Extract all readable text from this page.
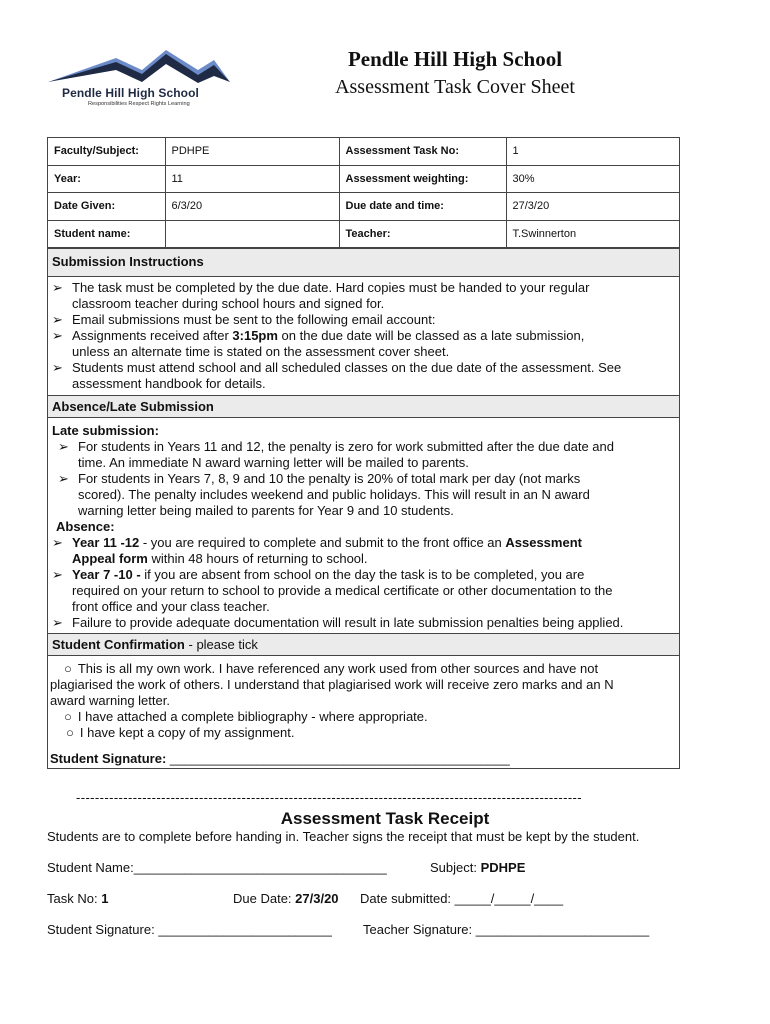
Pendle Hill High School
Responsibilities Respect Rights Learning
Pendle Hill High School
Assessment Task Cover Sheet
Faculty/Subject:	PDHPE	Assessment Task No:	1
Year:	11	Assessment weighting:	30%
Date Given:	6/3/20	Due date and time:	27/3/20
Student name:		Teacher:	T.Swinnerton
Submission Instructions
➢ The task must be completed by the due date. Hard copies must be handed to your regular
classroom teacher during school hours and signed for.
➢ Email submissions must be sent to the following email account:
➢ Assignments received after 3:15pm on the due date will be classed as a late submission,
unless an alternate time is stated on the assessment cover sheet.
➢ Students must attend school and all scheduled classes on the due date of the assessment. See
assessment handbook for details.
Absence/Late Submission
Late submission:
➢ For students in Years 11 and 12, the penalty is zero for work submitted after the due date and
time. An immediate N award warning letter will be mailed to parents.
➢ For students in Years 7, 8, 9 and 10 the penalty is 20% of total mark per day (not marks
scored). The penalty includes weekend and public holidays. This will result in an N award
warning letter being mailed to parents for Year 9 and 10 students.
Absence:
➢ Year 11 -12 - you are required to complete and submit to the front office an Assessment
Appeal form within 48 hours of returning to school.
➢ Year 7 -10 - if you are absent from school on the day the task is to be completed, you are
required on your return to school to provide a medical certificate or other documentation to the
front office and your class teacher.
➢ Failure to provide adequate documentation will result in late submission penalties being applied.
Student Confirmation - please tick
○ This is all my own work. I have referenced any work used from other sources and have not
plagiarised the work of others. I understand that plagiarised work will receive zero marks and an N
award warning letter.
○ I have attached a complete bibliography - where appropriate.
○ I have kept a copy of my assignment.
Student Signature: _______________________________________________
-----------------------------------------------------------------------------------------------------------
Assessment Task Receipt
Students are to complete before handing in. Teacher signs the receipt that must be kept by the student.
Student Name:___________________________________	Subject: PDHPE
Task No: 1	Due Date: 27/3/20 Date submitted: _____/_____/____
Student Signature: ________________________ Teacher Signature: ________________________
